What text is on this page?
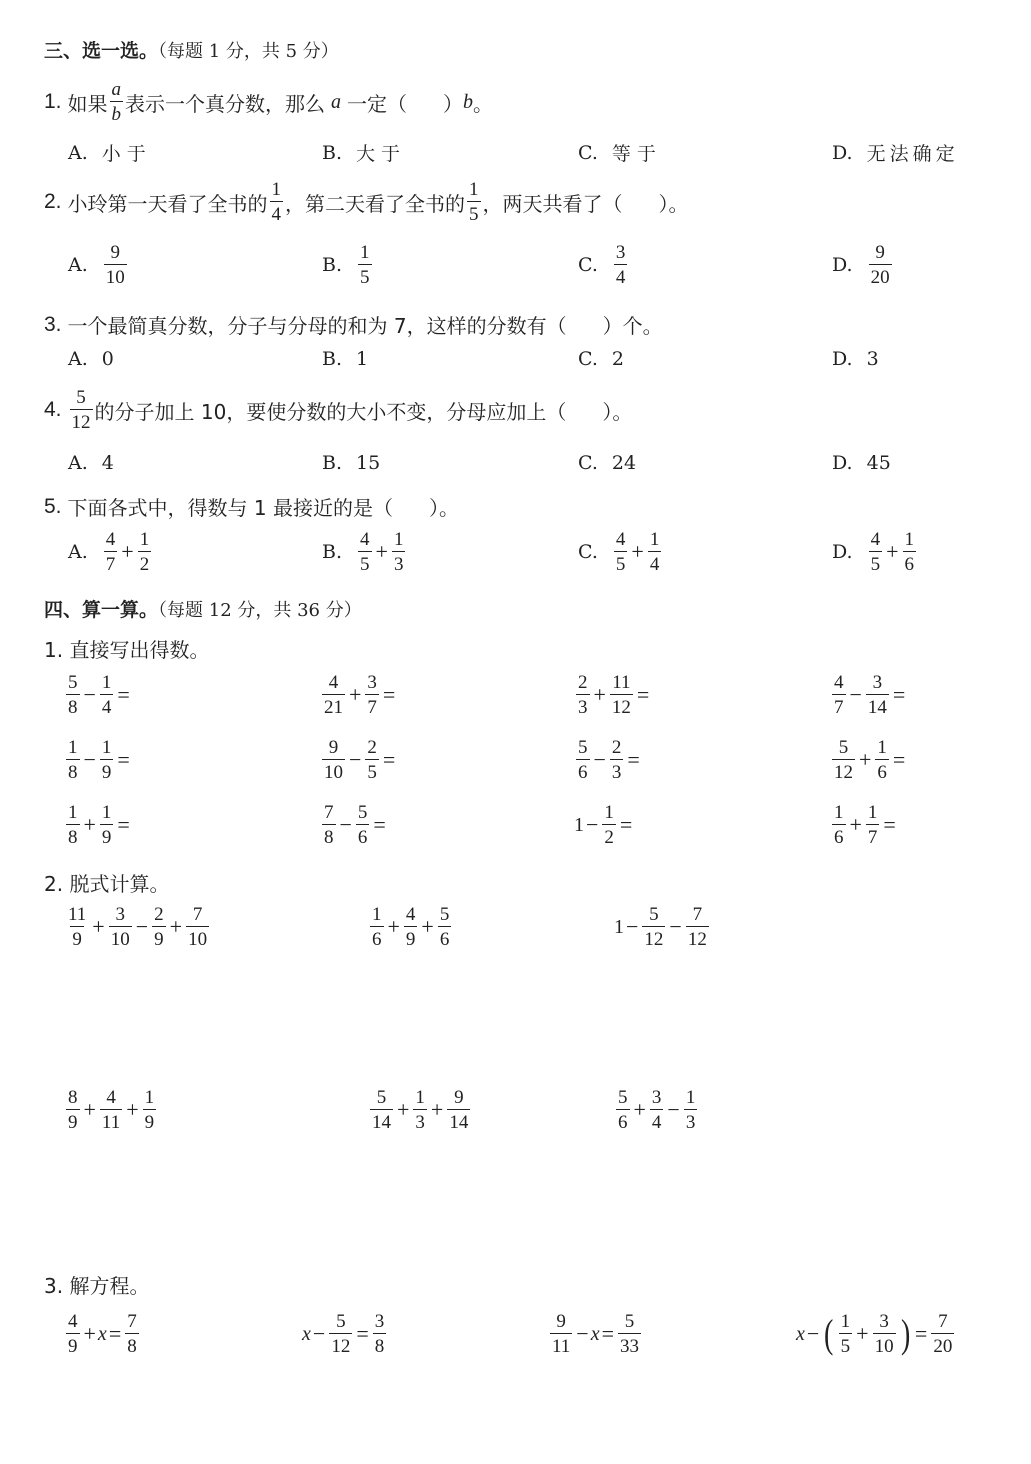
三、选一选。（每题 1 分，共 5 分）
1. 如果 $\frac{a}{b}$ 表示一个真分数，那么 a 一定（ ） b 。
A. 小于	B. 大于	C. 等于	D. 无法确定
2. 小玲第一天看了全书的 $\frac{1}{4}$ ，第二天看了全书的 $\frac{1}{5}$ ，两天共看了（ ）。
A. $\frac{9}{10}$	B. $\frac{1}{5}$	C. $\frac{3}{4}$	D. $\frac{9}{20}$
3. 一个最简真分数，分子与分母的和为 7，这样的分数有（ ）个。
A. 0	B. 1	C. 2	D. 3
4. $\frac{5}{12}$ 的分子加上 10，要使分数的大小不变，分母应加上（ ）。
A. 4	B. 15	C. 24	D. 45
5. 下面各式中，得数与 1 最接近的是（ ）。
A. $\frac{4}{7} + \frac{1}{2}$	B. $\frac{4}{5} + \frac{1}{3}$	C. $\frac{4}{5} + \frac{1}{4}$	D. $\frac{4}{5} + \frac{1}{6}$
四、算一算。（每题 12 分，共 36 分）
1. 直接写出得数。
$\frac{5}{8} - \frac{1}{4}$ =	$\frac{4}{21} + \frac{3}{7}$ =	$\frac{2}{3} + \frac{11}{12}$ =	$\frac{4}{7} - \frac{3}{14}$ =
$\frac{1}{8} - \frac{1}{9}$ =	$\frac{9}{10} - \frac{2}{5}$ =	$\frac{5}{6} - \frac{2}{3}$ =	$\frac{5}{12} + \frac{1}{6}$ =
$\frac{1}{8} + \frac{1}{9}$ =	$\frac{7}{8} - \frac{5}{6}$ =	$1 - \frac{1}{2}$ =	$\frac{1}{6} + \frac{1}{7}$ =
2. 脱式计算。
$\frac{11}{9} + \frac{3}{10} - \frac{2}{9} + \frac{7}{10}$	$\frac{1}{6} + \frac{4}{9} + \frac{5}{6}$	$1 - \frac{5}{12} - \frac{7}{12}$
$\frac{8}{9} + \frac{4}{11} + \frac{1}{9}$	$\frac{5}{14} + \frac{1}{3} + \frac{9}{14}$	$\frac{5}{6} + \frac{3}{4} - \frac{1}{3}$
3. 解方程。
$\frac{4}{9} + x = \frac{7}{8}$	$x - \frac{5}{12} = \frac{3}{8}$	$\frac{9}{11} - x = \frac{5}{33}$	x − ( $\frac{1}{5} + \frac{3}{10}$ ) = $\frac{7}{20}$
